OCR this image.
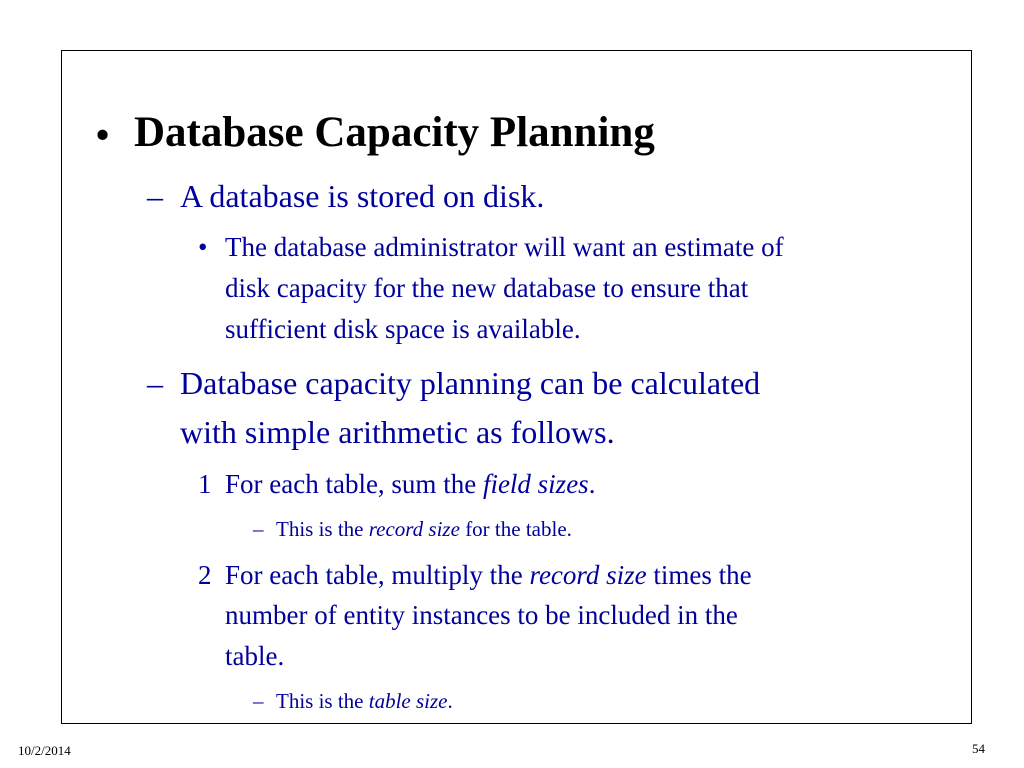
• Database Capacity Planning
– A database is stored on disk.
• The database administrator will want an estimate of
disk capacity for the new database to ensure that
sufficient disk space is available.
– Database capacity planning can be calculated
with simple arithmetic as follows.
1 For each table, sum the field sizes.
– This is the record size for the table.
2 For each table, multiply the record size times the
number of entity instances to be included in the
table.
– This is the table size.
10/2/2014	54
